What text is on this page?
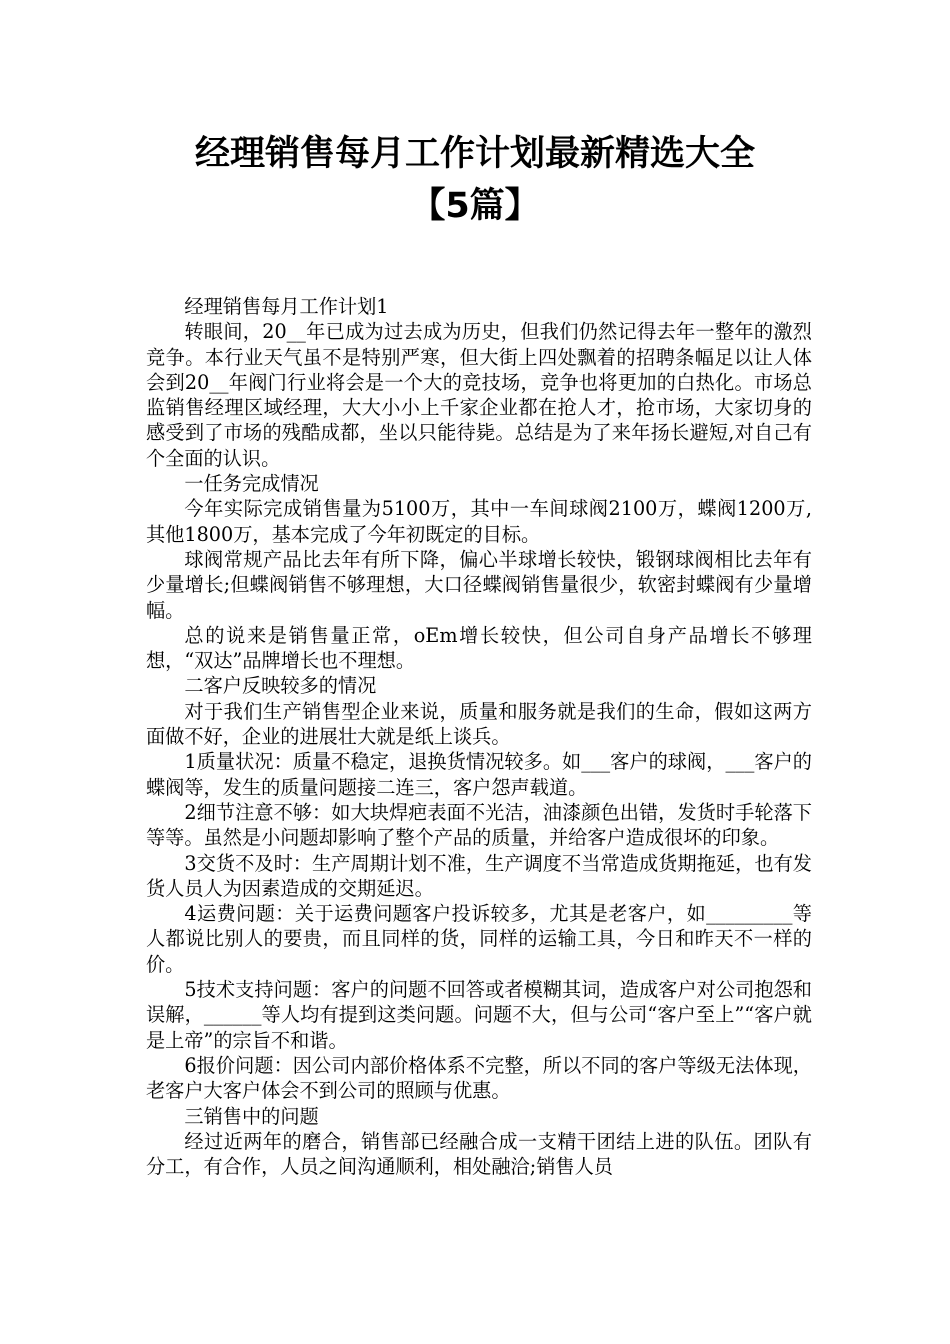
经理销售每月工作计划最新精选大全
【5篇】

经理销售每月工作计划1

转眼间，20__年已成为过去成为历史，但我们仍然记得去年一整年的激烈竞争。本行业天气虽不是特别严寒，但大街上四处飘着的招聘条幅足以让人体会到20__年阀门行业将会是一个大的竞技场，竞争也将更加的白热化。市场总监销售经理区域经理，大大小小上千家企业都在抢人才，抢市场，大家切身的感受到了市场的残酷成都，坐以只能待毙。总结是为了来年扬长避短,对自己有个全面的认识。

一任务完成情况

今年实际完成销售量为5100万，其中一车间球阀2100万，蝶阀1200万,其他1800万，基本完成了今年初既定的目标。

球阀常规产品比去年有所下降，偏心半球增长较快，锻钢球阀相比去年有少量增长;但蝶阀销售不够理想，大口径蝶阀销售量很少，软密封蝶阀有少量增幅。

总的说来是销售量正常，oEm增长较快，但公司自身产品增长不够理想，“双达”品牌增长也不理想。

二客户反映较多的情况

对于我们生产销售型企业来说，质量和服务就是我们的生命，假如这两方面做不好，企业的进展壮大就是纸上谈兵。

1质量状况：质量不稳定，退换货情况较多。如___客户的球阀，___客户的蝶阀等，发生的质量问题接二连三，客户怨声载道。

2细节注意不够：如大块焊疤表面不光洁，油漆颜色出错，发货时手轮落下等等。虽然是小问题却影响了整个产品的质量，并给客户造成很坏的印象。

3交货不及时：生产周期计划不准，生产调度不当常造成货期拖延，也有发货人员人为因素造成的交期延迟。

4运费问题：关于运费问题客户投诉较多，尤其是老客户，如_________等人都说比别人的要贵，而且同样的货，同样的运输工具，今日和昨天不一样的价。

5技术支持问题：客户的问题不回答或者模糊其词，造成客户对公司抱怨和误解，______等人均有提到这类问题。问题不大，但与公司“客户至上”“客户就是上帝”的宗旨不和谐。

6报价问题：因公司内部价格体系不完整，所以不同的客户等级无法体现，老客户大客户体会不到公司的照顾与优惠。

三销售中的问题

经过近两年的磨合，销售部已经融合成一支精干团结上进的队伍。团队有分工，有合作，人员之间沟通顺利，相处融洽;销售人员
